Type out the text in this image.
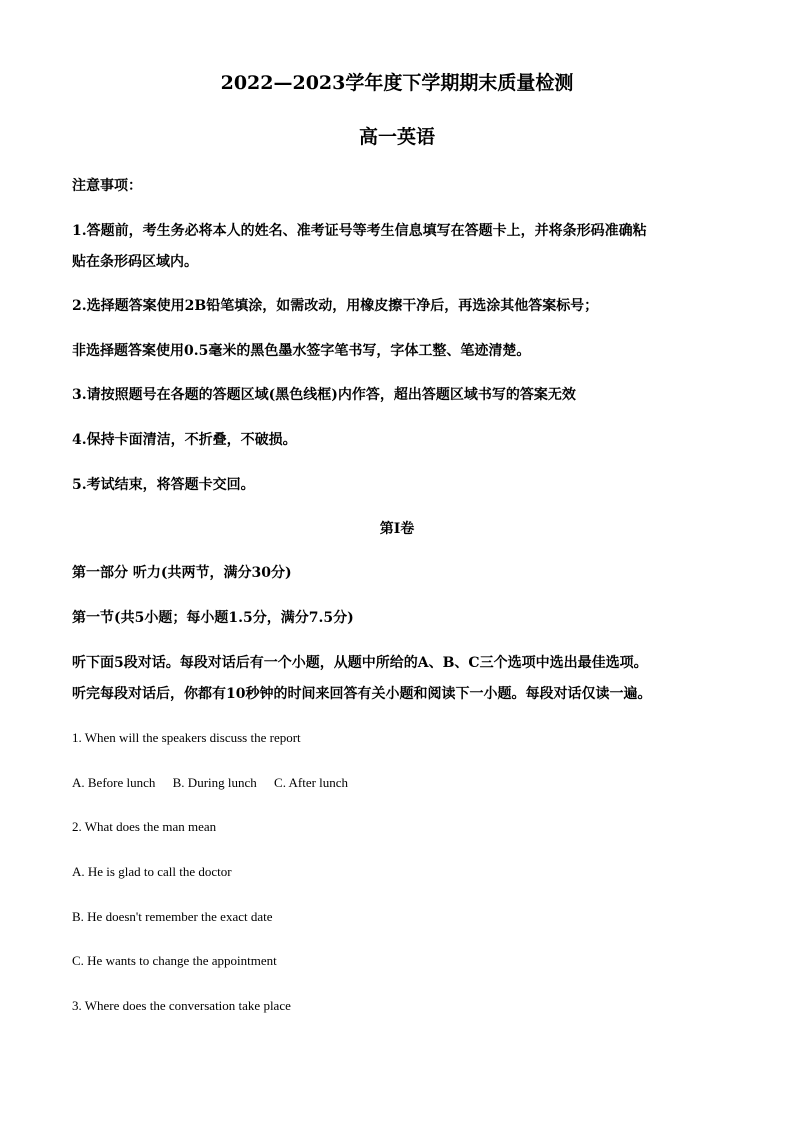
2022—2023学年度下学期期末质量检测
高一英语

注意事项：

1.答题前，考生务必将本人的姓名、准考证号等考生信息填写在答题卡上，并将条形码准确粘

贴在条形码区域内。

2.选择题答案使用2B铅笔填涂，如需改动，用橡皮擦干净后，再选涂其他答案标号；

非选择题答案使用0.5毫米的黑色墨水签字笔书写，字体工整、笔迹清楚。

3.请按照题号在各题的答题区域(黑色线框)内作答，超出答题区域书写的答案无效

4.保持卡面清洁，不折叠，不破损。

5.考试结束，将答题卡交回。

第I卷

第一部分 听力(共两节，满分30分)

第一节(共5小题；每小题1.5分，满分7.5分)

听下面5段对话。每段对话后有一个小题，从题中所给的A、B、C三个选项中选出最佳选项。

听完每段对话后，你都有10秒钟的时间来回答有关小题和阅读下一小题。每段对话仅读一遍。

1. When will the speakers discuss the report

A. Before lunch B. During lunch C. After lunch

2. What does the man mean

A. He is glad to call the doctor

B. He doesn't remember the exact date

C. He wants to change the appointment

3. Where does the conversation take place
